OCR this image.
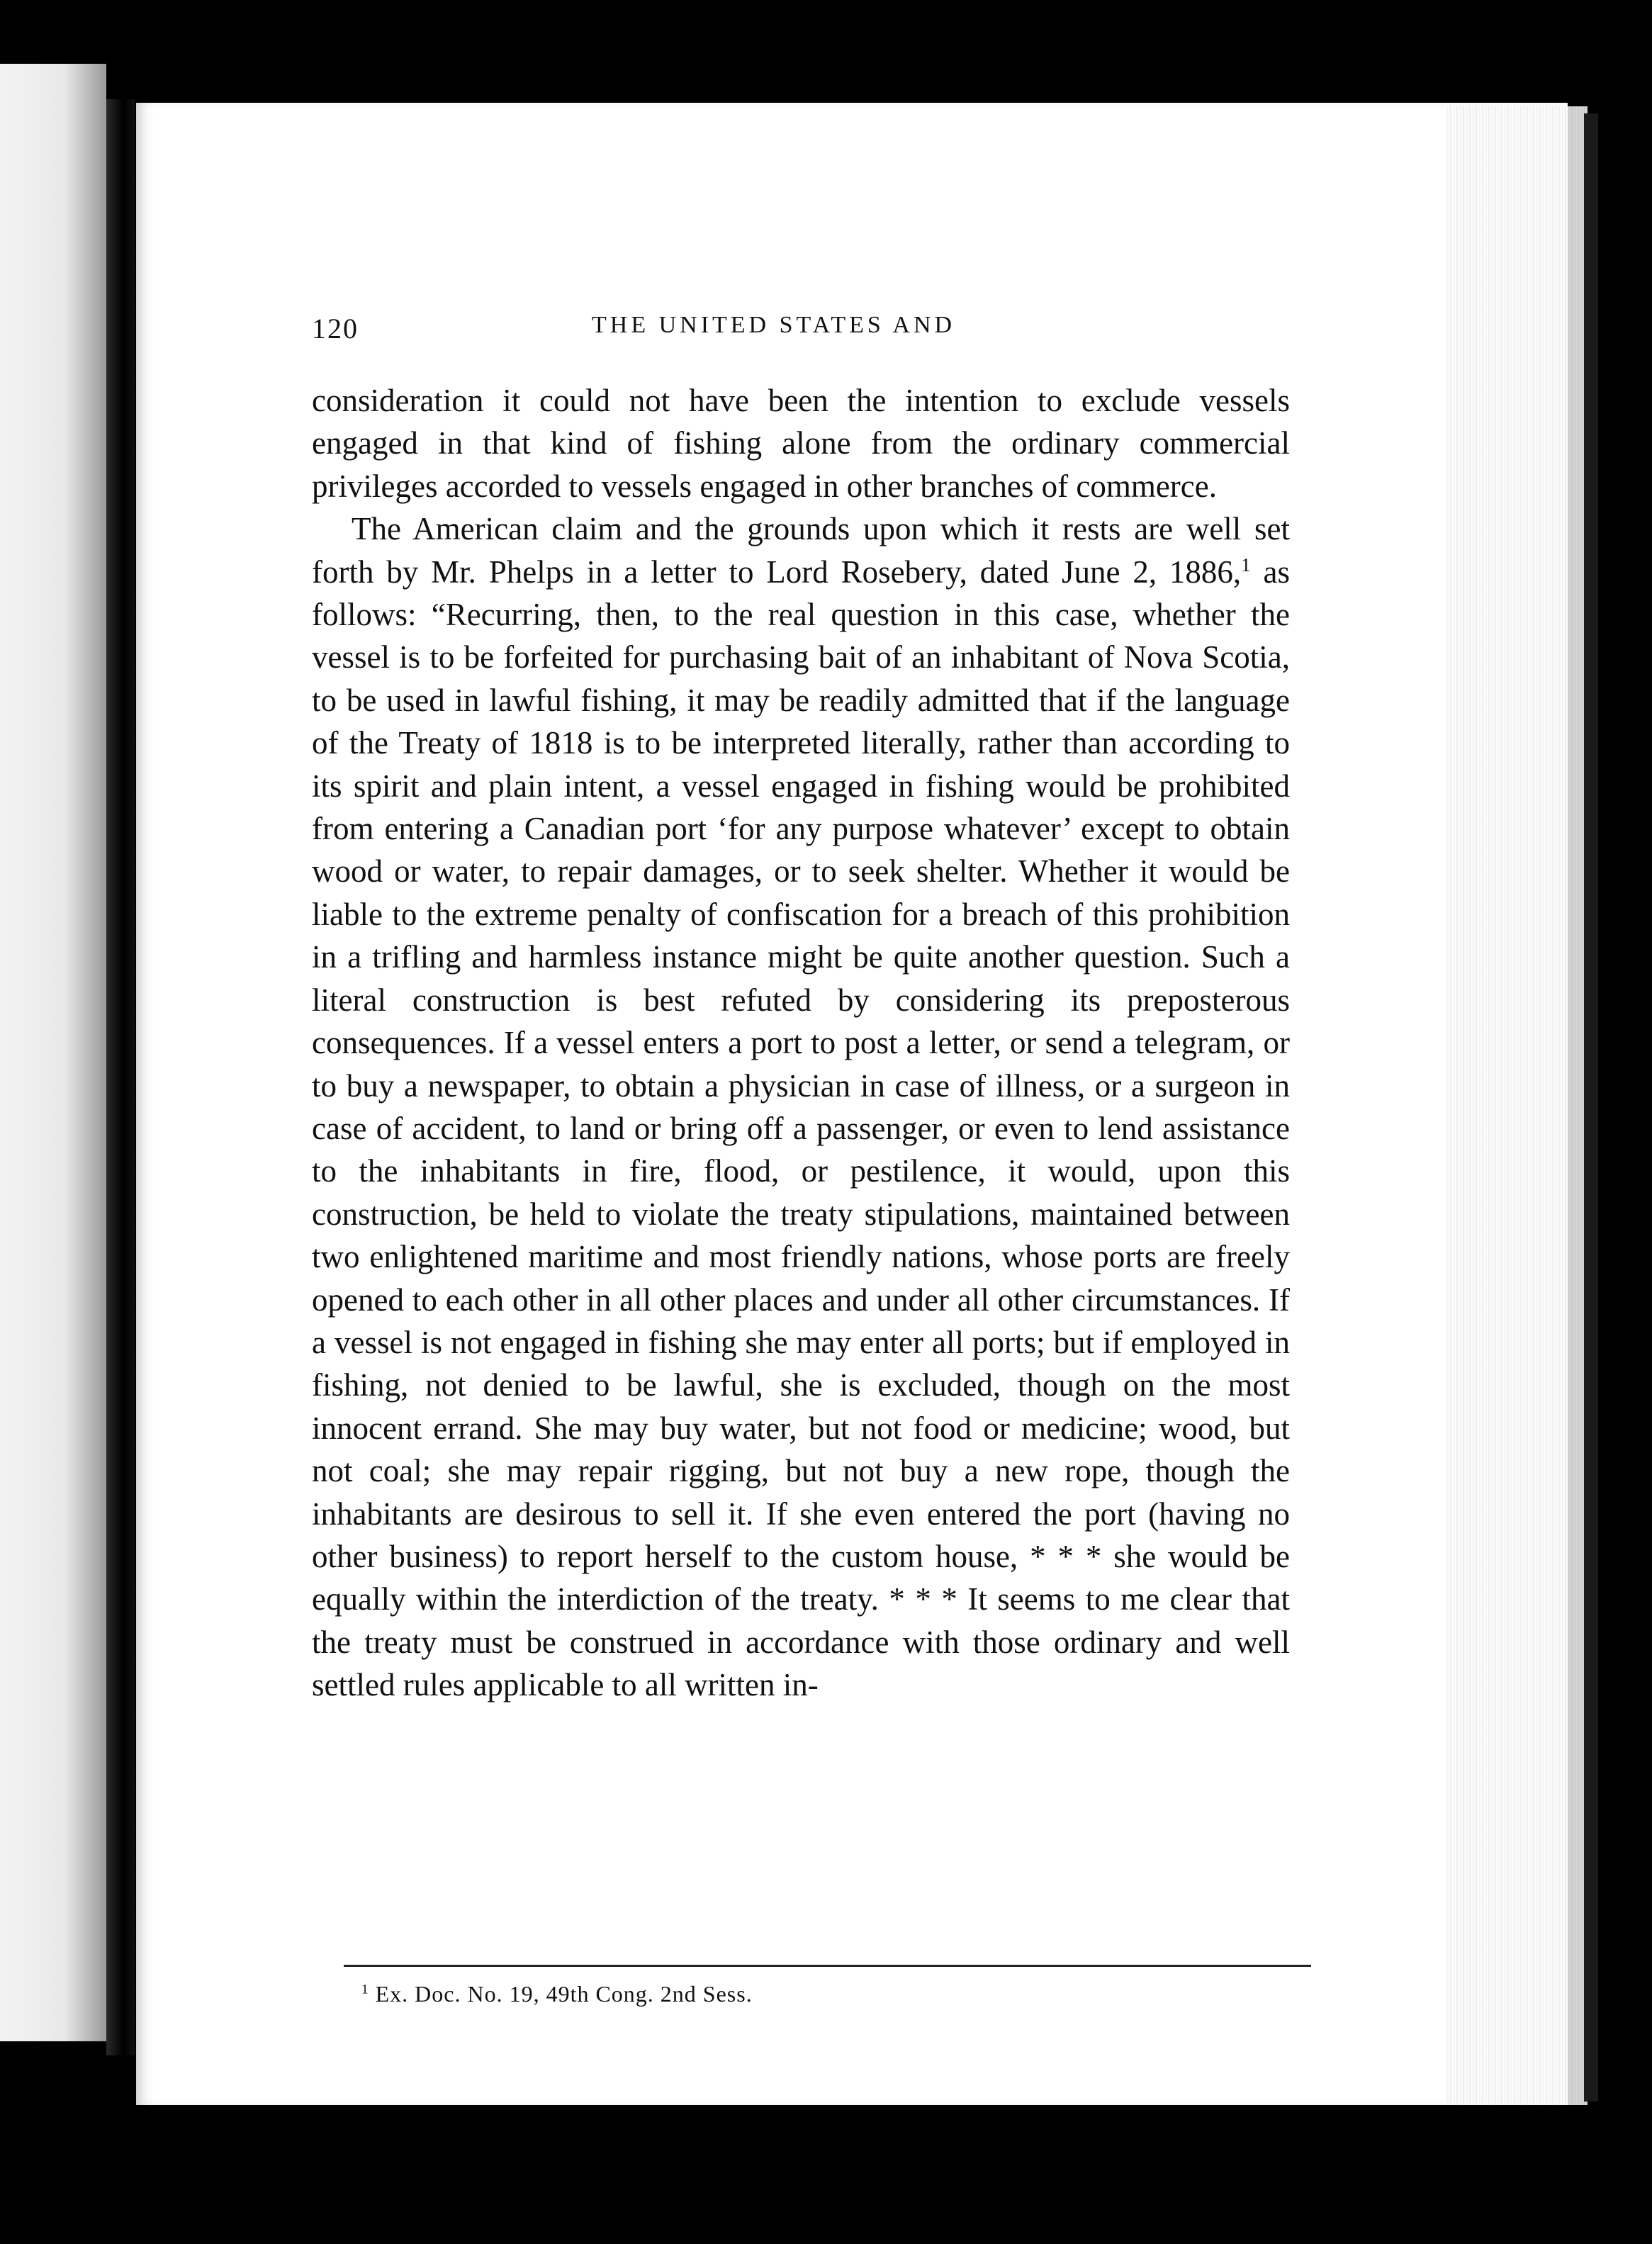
120	THE UNITED STATES AND

consideration it could not have been the intention to exclude vessels engaged in that kind of fishing alone from the ordinary commercial privileges accorded to vessels engaged in other branches of commerce.

The American claim and the grounds upon which it rests are well set forth by Mr. Phelps in a letter to Lord Rosebery, dated June 2, 1886,$^1$ as follows: “Recurring, then, to the real question in this case, whether the vessel is to be forfeited for purchasing bait of an inhabitant of Nova Scotia, to be used in lawful fishing, it may be readily admitted that if the language of the Treaty of 1818 is to be interpreted literally, rather than according to its spirit and plain intent, a vessel engaged in fishing would be prohibited from entering a Canadian port ‘for any purpose whatever’ except to obtain wood or water, to repair damages, or to seek shelter. Whether it would be liable to the extreme penalty of confiscation for a breach of this prohibition in a trifling and harmless instance might be quite another question. Such a literal construction is best refuted by considering its preposterous consequences. If a vessel enters a port to post a letter, or send a telegram, or to buy a newspaper, to obtain a physician in case of illness, or a surgeon in case of accident, to land or bring off a passenger, or even to lend assistance to the inhabitants in fire, flood, or pestilence, it would, upon this construction, be held to violate the treaty stipulations, maintained between two enlightened maritime and most friendly nations, whose ports are freely opened to each other in all other places and under all other circumstances. If a vessel is not engaged in fishing she may enter all ports; but if employed in fishing, not denied to be lawful, she is excluded, though on the most innocent errand. She may buy water, but not food or medicine; wood, but not coal; she may repair rigging, but not buy a new rope, though the inhabitants are desirous to sell it. If she even entered the port (having no other business) to report herself to the custom house, * * * she would be equally within the interdiction of the treaty. * * * It seems to me clear that the treaty must be construed in accordance with those ordinary and well settled rules applicable to all written in-

$^1$ Ex. Doc. No. 19, 49th Cong. 2nd Sess.
